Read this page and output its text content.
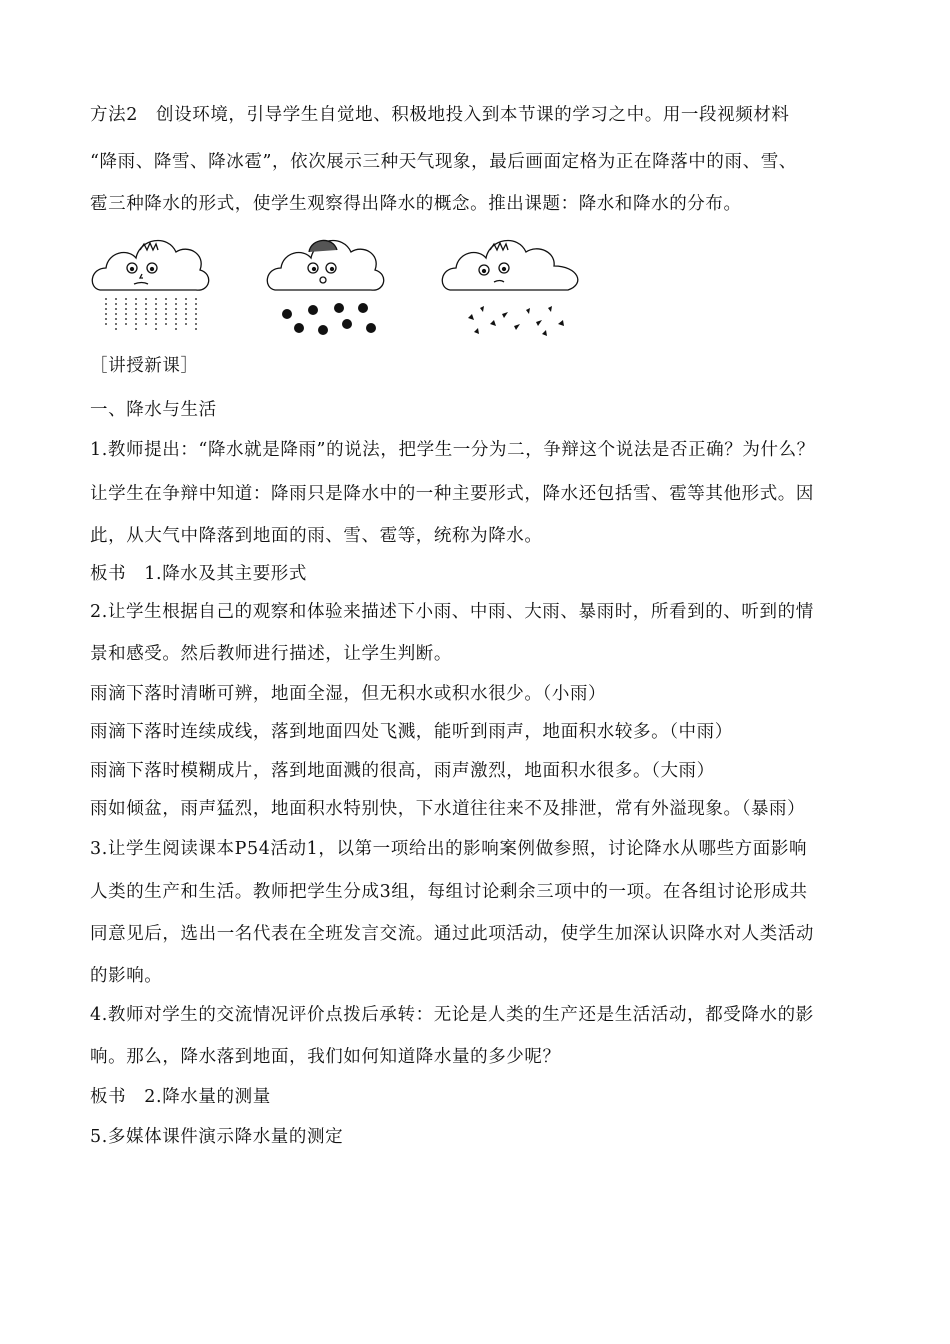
方法2　创设环境，引导学生自觉地、积极地投入到本节课的学习之中。用一段视频材料
“降雨、降雪、降冰雹”，依次展示三种天气现象，最后画面定格为正在降落中的雨、雪、
雹三种降水的形式，使学生观察得出降水的概念。推出课题：降水和降水的分布。
［讲授新课］
一、降水与生活
1.教师提出：“降水就是降雨”的说法，把学生一分为二，争辩这个说法是否正确？为什么？
让学生在争辩中知道：降雨只是降水中的一种主要形式，降水还包括雪、雹等其他形式。因
此，从大气中降落到地面的雨、雪、雹等，统称为降水。
板书　1.降水及其主要形式
2.让学生根据自己的观察和体验来描述下小雨、中雨、大雨、暴雨时，所看到的、听到的情
景和感受。然后教师进行描述，让学生判断。
雨滴下落时清晰可辨，地面全湿，但无积水或积水很少。（小雨）
雨滴下落时连续成线，落到地面四处飞溅，能听到雨声，地面积水较多。（中雨）
雨滴下落时模糊成片，落到地面溅的很高，雨声激烈，地面积水很多。（大雨）
雨如倾盆，雨声猛烈，地面积水特别快，下水道往往来不及排泄，常有外溢现象。（暴雨）
3.让学生阅读课本P54活动1，以第一项给出的影响案例做参照，讨论降水从哪些方面影响
人类的生产和生活。教师把学生分成3组，每组讨论剩余三项中的一项。在各组讨论形成共
同意见后，选出一名代表在全班发言交流。通过此项活动，使学生加深认识降水对人类活动
的影响。
4.教师对学生的交流情况评价点拨后承转：无论是人类的生产还是生活活动，都受降水的影
响。那么，降水落到地面，我们如何知道降水量的多少呢？
板书　2.降水量的测量
5.多媒体课件演示降水量的测定
